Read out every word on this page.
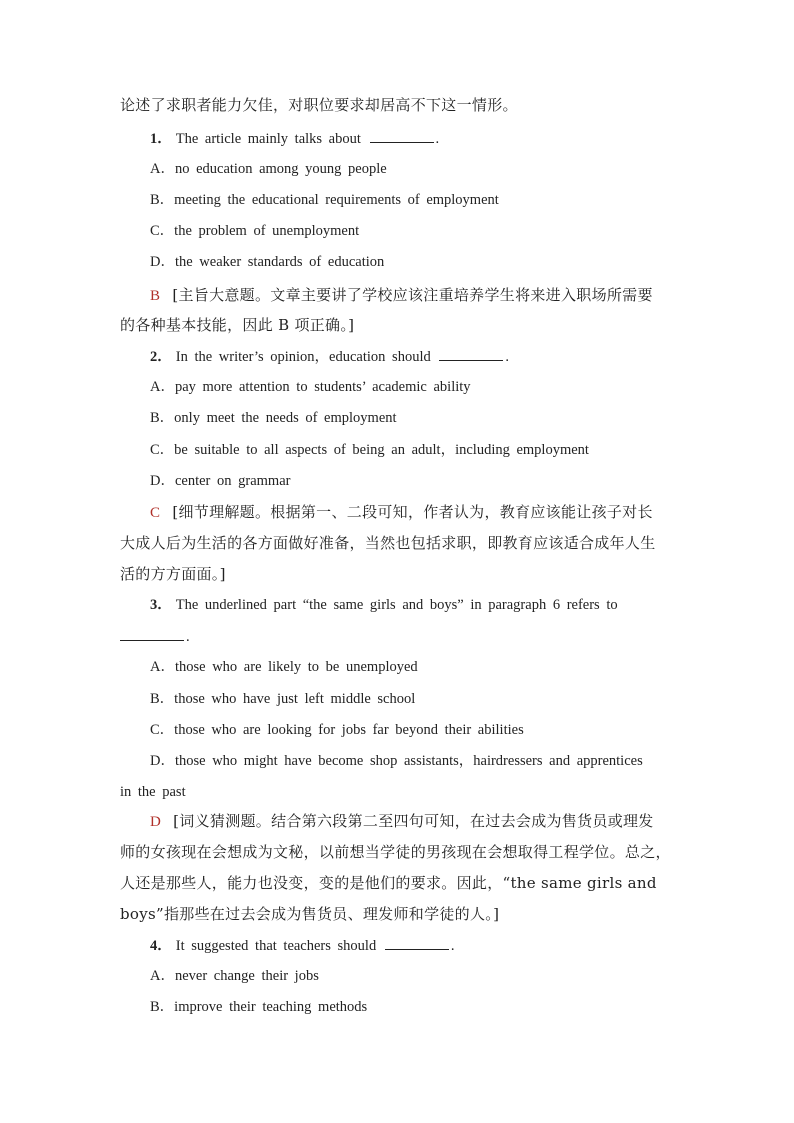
论述了求职者能力欠佳，对职位要求却居高不下这一情形。
1． The article mainly talks about	.
A．no education among young people
B．meeting the educational requirements of employment
C．the problem of unemployment
D．the weaker standards of education
B [主旨大意题。文章主要讲了学校应该注重培养学生将来进入职场所需要
的各种基本技能，因此 B 项正确。]
2． In the writer’s opinion，education should	.
A．pay more attention to students’ academic ability
B．only meet the needs of employment
C．be suitable to all aspects of being an adult，including employment
D．center on grammar
C [细节理解题。根据第一、二段可知，作者认为，教育应该能让孩子对长
大成人后为生活的各方面做好准备，当然也包括求职，即教育应该适合成年人生
活的方方面面。]
3． The underlined part “the same girls and boys” in paragraph 6 refers to
.
A．those who are likely to be unemployed
B．those who have just left middle school
C．those who are looking for jobs far beyond their abilities
D．those who might have become shop assistants，hairdressers and apprentices
in the past
D [词义猜测题。结合第六段第二至四句可知，在过去会成为售货员或理发
师的女孩现在会想成为文秘，以前想当学徒的男孩现在会想取得工程学位。总之，
人还是那些人，能力也没变，变的是他们的要求。因此，“the same girls and
boys”指那些在过去会成为售货员、理发师和学徒的人。]
4． It suggested that teachers should	.
A．never change their jobs
B．improve their teaching methods
